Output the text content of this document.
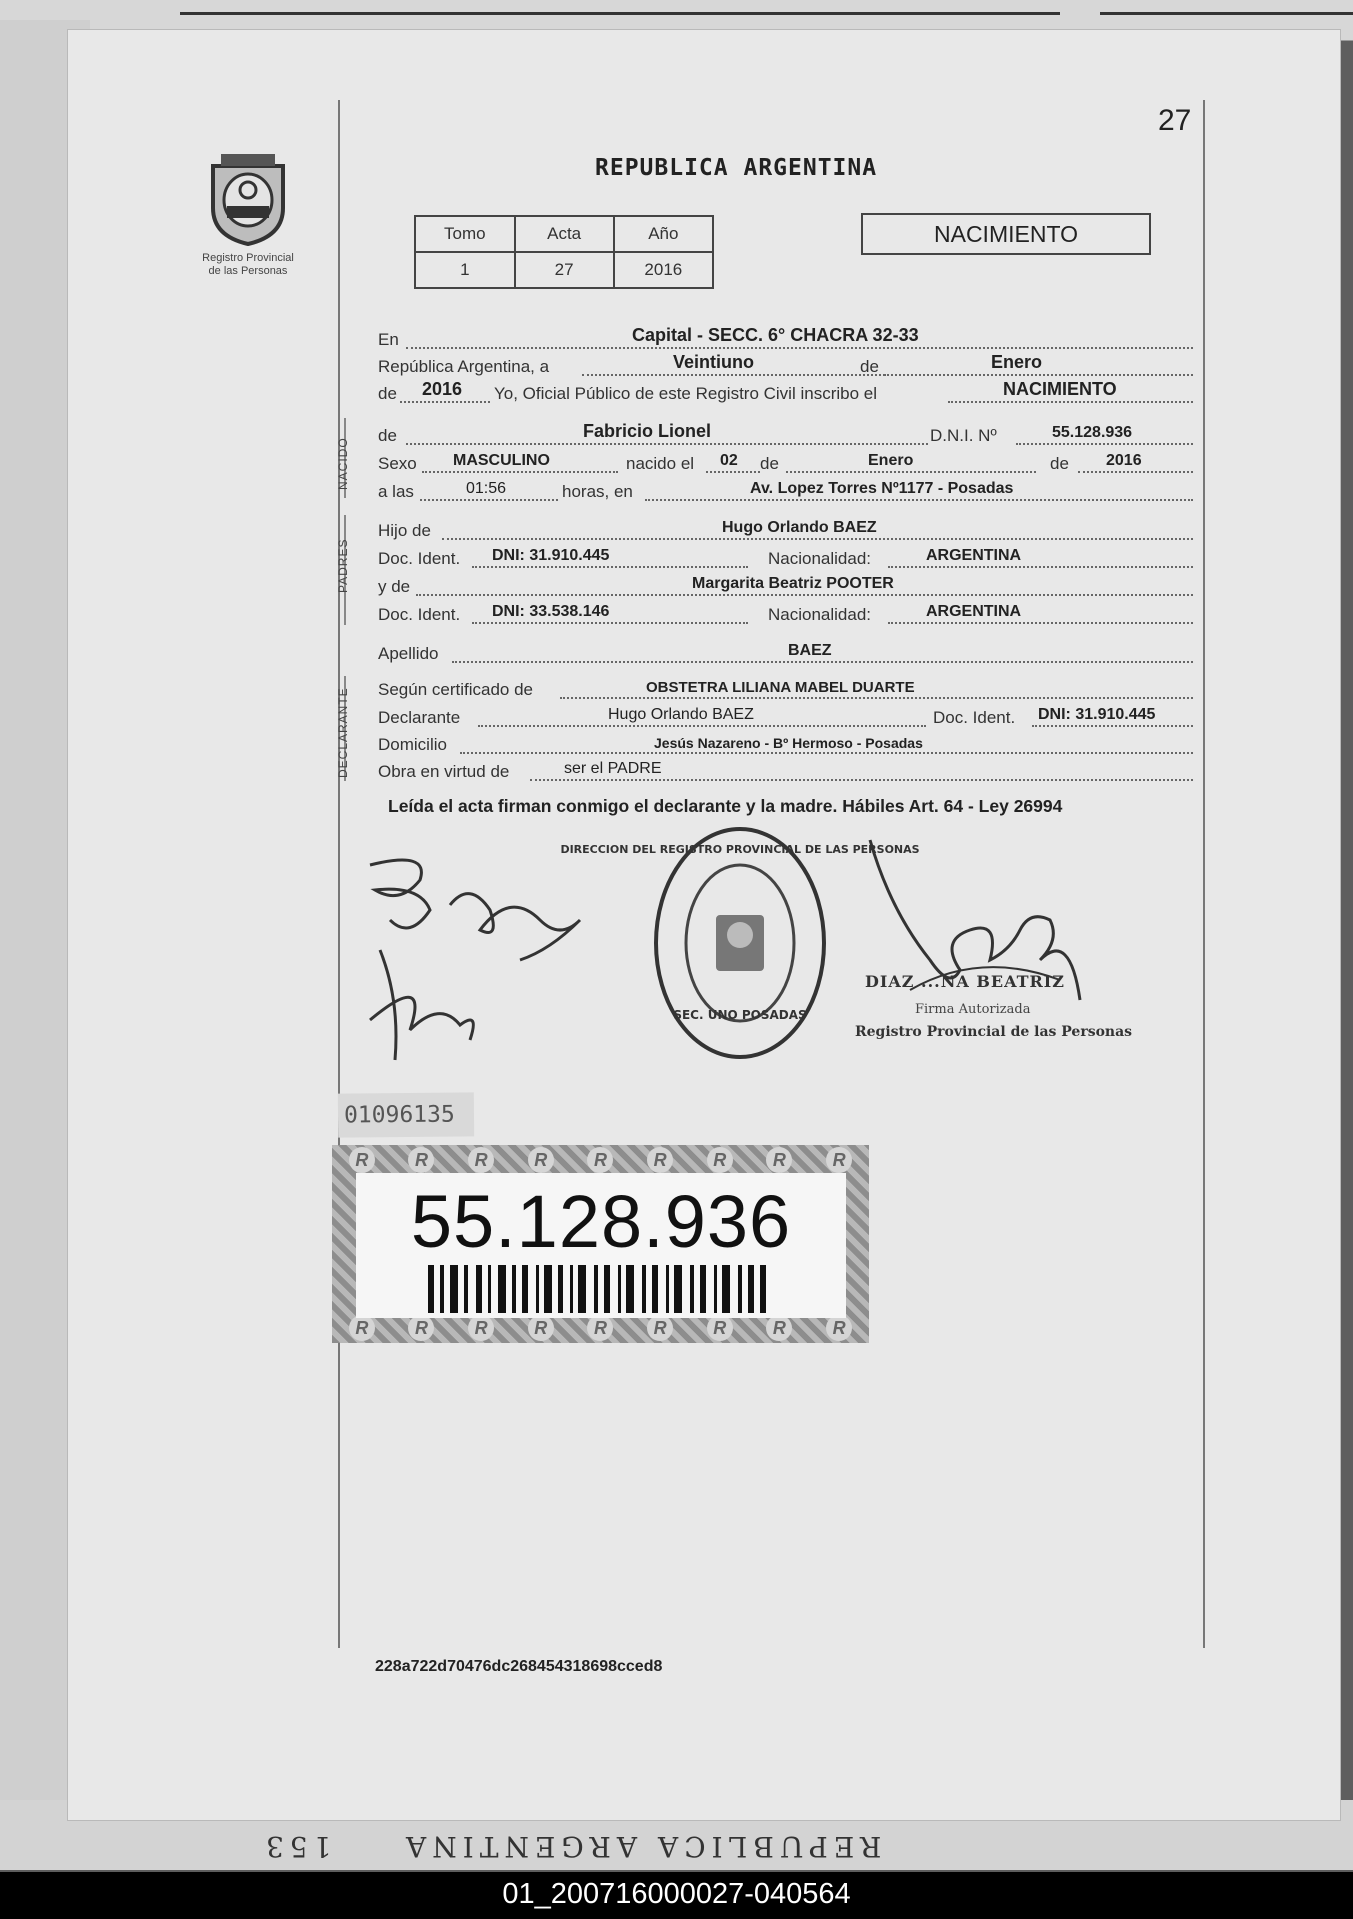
REPUBLICA ARGENTINA
153
27
Registro Provincial
de las Personas
REPUBLICA ARGENTINA
Tomo	Acta	Año
1	27	2016
NACIMIENTO
En	Capital - SECC. 6° CHACRA 32-33
República Argentina, a	Veintiuno	de	Enero
de 2016 Yo, Oficial Público de este Registro Civil inscribo el	NACIMIENTO
NACIDO
de	Fabricio Lionel	D.N.I. Nº	55.128.936
Sexo MASCULINO	nacido el 02 de	Enero	de 2016
a las	01:56	horas, en	Av. Lopez Torres Nº1177 - Posadas
PADRES
Hijo de	Hugo Orlando BAEZ
Doc. Ident. DNI: 31.910.445	Nacionalidad:	ARGENTINA
y de	Margarita Beatriz POOTER
Doc. Ident. DNI: 33.538.146	Nacionalidad:	ARGENTINA
Apellido	BAEZ
DECLARANTE Según certificado de	OBSTETRA LILIANA MABEL DUARTE
Declarante	Hugo Orlando BAEZ	Doc. Ident. DNI: 31.910.445
Domicilio	Jesús Nazareno - Bº Hermoso - Posadas
Obra en virtud de	ser el PADRE
Leída el acta firman conmigo el declarante y la madre. Hábiles Art. 64 - Ley 26994
DIRECCION DEL REGISTRO PROVINCIAL DE LAS PERSONAS
SEC. UNO POSADAS
DIAZ ...NA BEATRIZ
Firma Autorizada
Registro Provincial de las Personas
01096135
R	R	R	R	R	R	R	R	R
R	R	R	R	R	R	R	R	R
55.128.936
228a722d70476dc268454318698cced8
01_200716000027-040564
